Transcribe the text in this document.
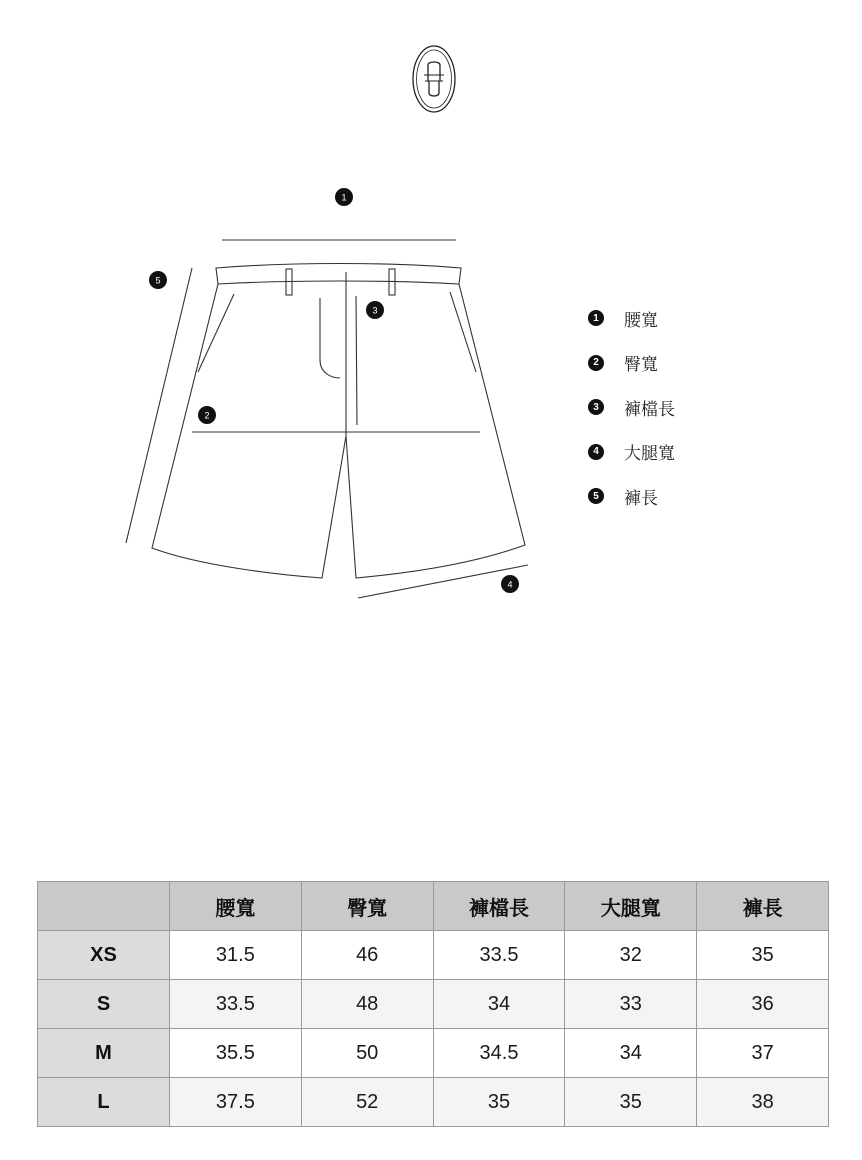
1
2
3
4
5
1	腰寬
2	臀寬
3	褲檔長
4	大腿寬
5	褲長
	腰寬	臀寬	褲檔長	大腿寬	褲長
XS	31.5	46	33.5	32	35
S	33.5	48	34	33	36
M	35.5	50	34.5	34	37
L	37.5	52	35	35	38
